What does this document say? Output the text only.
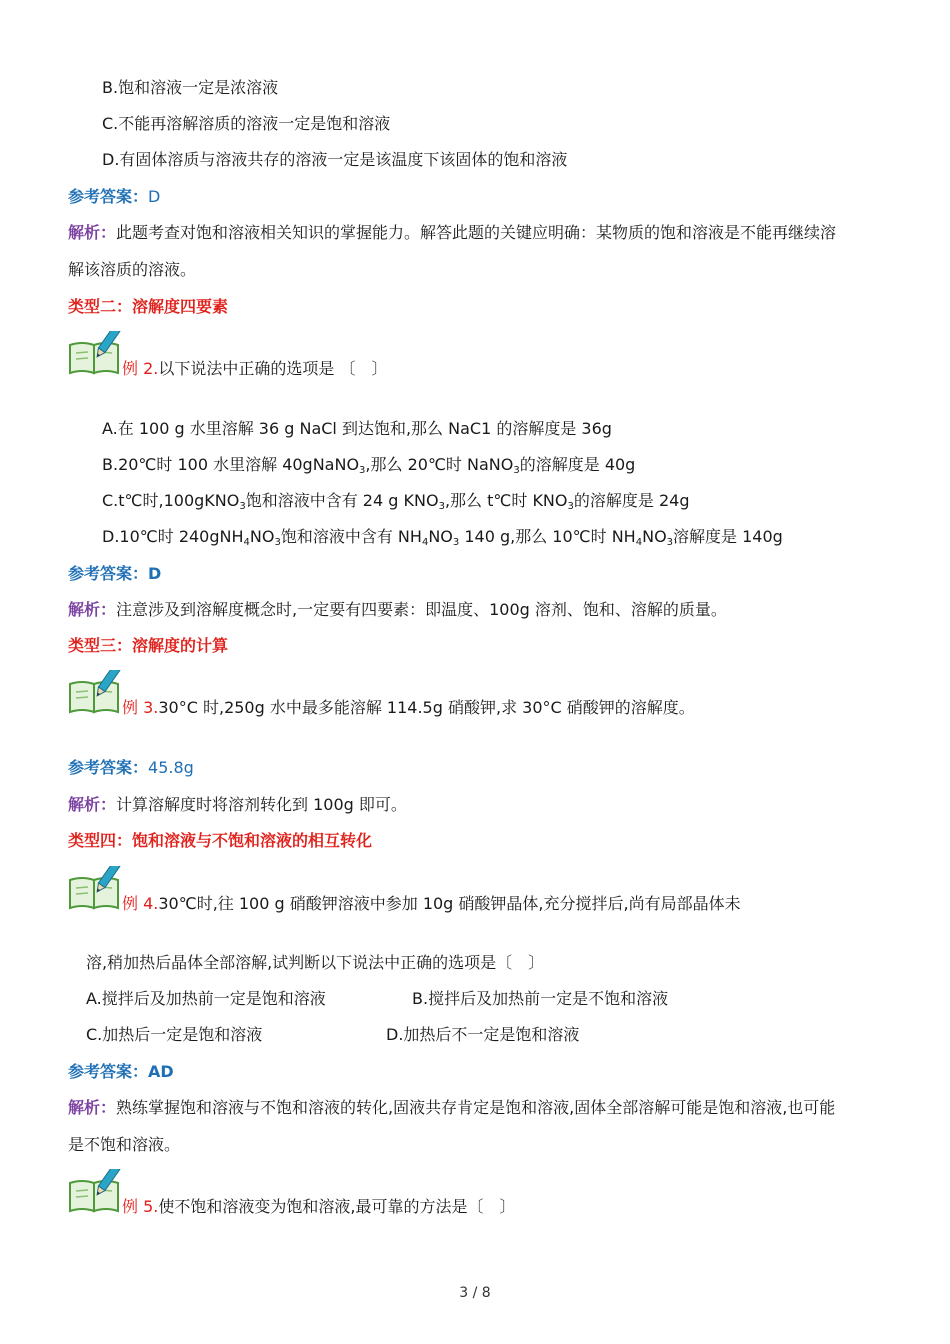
B.饱和溶液一定是浓溶液
C.不能再溶解溶质的溶液一定是饱和溶液
D.有固体溶质与溶液共存的溶液一定是该温度下该固体的饱和溶液
参考答案：D
解析：此题考查对饱和溶液相关知识的掌握能力。解答此题的关键应明确：某物质的饱和溶液是不能再继续溶
解该溶质的溶液。
类型二：溶解度四要素
例 2.以下说法中正确的选项是 〔　〕
A.在 100 g 水里溶解 36 g NaCl 到达饱和,那么 NaC1 的溶解度是 36g
B.20℃时 100 水里溶解 40gNaNO$_3$,那么 20℃时 NaNO$_3$的溶解度是 40g
C.t℃时,100gKNO$_3$饱和溶液中含有 24 g $KNO_3$,那么 t℃时 $KNO_3$的溶解度是 24g
D.10℃时 $240gNH_4NO_3$饱和溶液中含有 $NH_4NO_3$ 140 g,那么 10℃时 $NH_4NO_3$溶解度是 140g
参考答案：D
解析：注意涉及到溶解度概念时,一定要有四要素：即温度、100g 溶剂、饱和、溶解的质量。
类型三：溶解度的计算
例 3.30°C 时,250g 水中最多能溶解 114.5g 硝酸钾,求 30°C 硝酸钾的溶解度。
参考答案：45.8g
解析：计算溶解度时将溶剂转化到 100g 即可。
类型四：饱和溶液与不饱和溶液的相互转化
例 4.30℃时,往 100 g 硝酸钾溶液中参加 10g 硝酸钾晶体,充分搅拌后,尚有局部晶体未
溶,稍加热后晶体全部溶解,试判断以下说法中正确的选项是〔　〕
A.搅拌后及加热前一定是饱和溶液	B.搅拌后及加热前一定是不饱和溶液
C.加热后一定是饱和溶液	D.加热后不一定是饱和溶液
参考答案：AD
解析：熟练掌握饱和溶液与不饱和溶液的转化,固液共存肯定是饱和溶液,固体全部溶解可能是饱和溶液,也可能
是不饱和溶液。
例 5.使不饱和溶液变为饱和溶液,最可靠的方法是〔　〕
3 / 8
